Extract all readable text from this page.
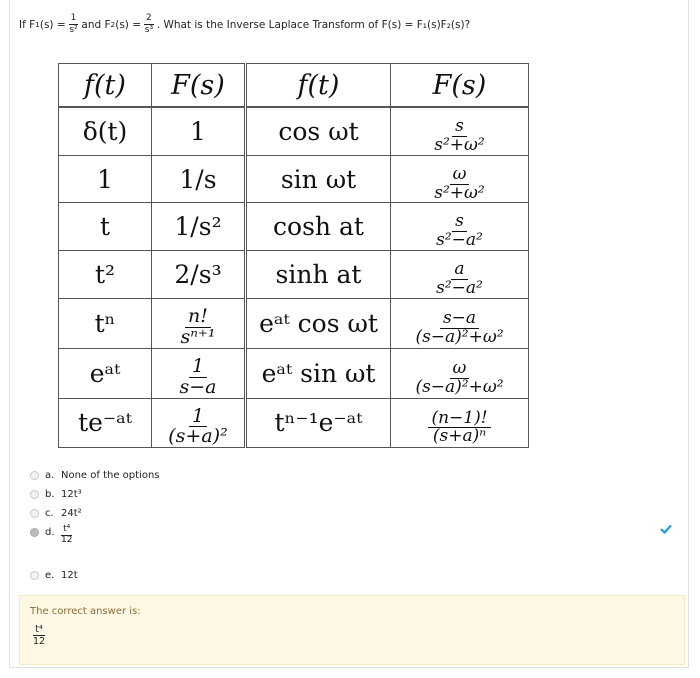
If F 1 $(s) = \frac{1}{\text{s²}}$ and F 2 $(s) = \frac{2}{\text{s³}}$ . What is the Inverse Laplace Transform of F(s) = F₁(s)F₂(s)?
f(t)	F(s)	f(t)	F(s)
δ(t)	1	cos ωt	$\frac{s}{\text{s²+ω²}}$

1	1/s	sin ωt	$\frac{\omega}{\text{s²+ω²}}$

t	1/s²	cosh at	$\frac{s}{\text{s²−a²}}$

t²	2/s³	sinh at	$\frac{a}{\text{s²−a²}}$

tⁿ	$\frac{n!}{\text{sⁿ⁺¹}}$	eᵃᵗ cos ωt	$\frac{s-a}{\text{(s−a)²+ω²}}$

eᵃᵗ	$\frac{1}{s-a}$	eᵃᵗ sin ωt	$\frac{\omega}{\text{(s−a)²+ω²}}$

te⁻ᵃᵗ	$\frac{1}{\text{(s+a)²}}$	tⁿ⁻¹e⁻ᵃᵗ	$\frac{(n-1)!}{\text{(s+a)ⁿ}}$
a. None of the options
b. 12t³
c. 24t²
d. $\frac{\text{t⁴}}{12}$
e. 12t
The correct answer is:
$\frac{\text{t⁴}}{12}$
